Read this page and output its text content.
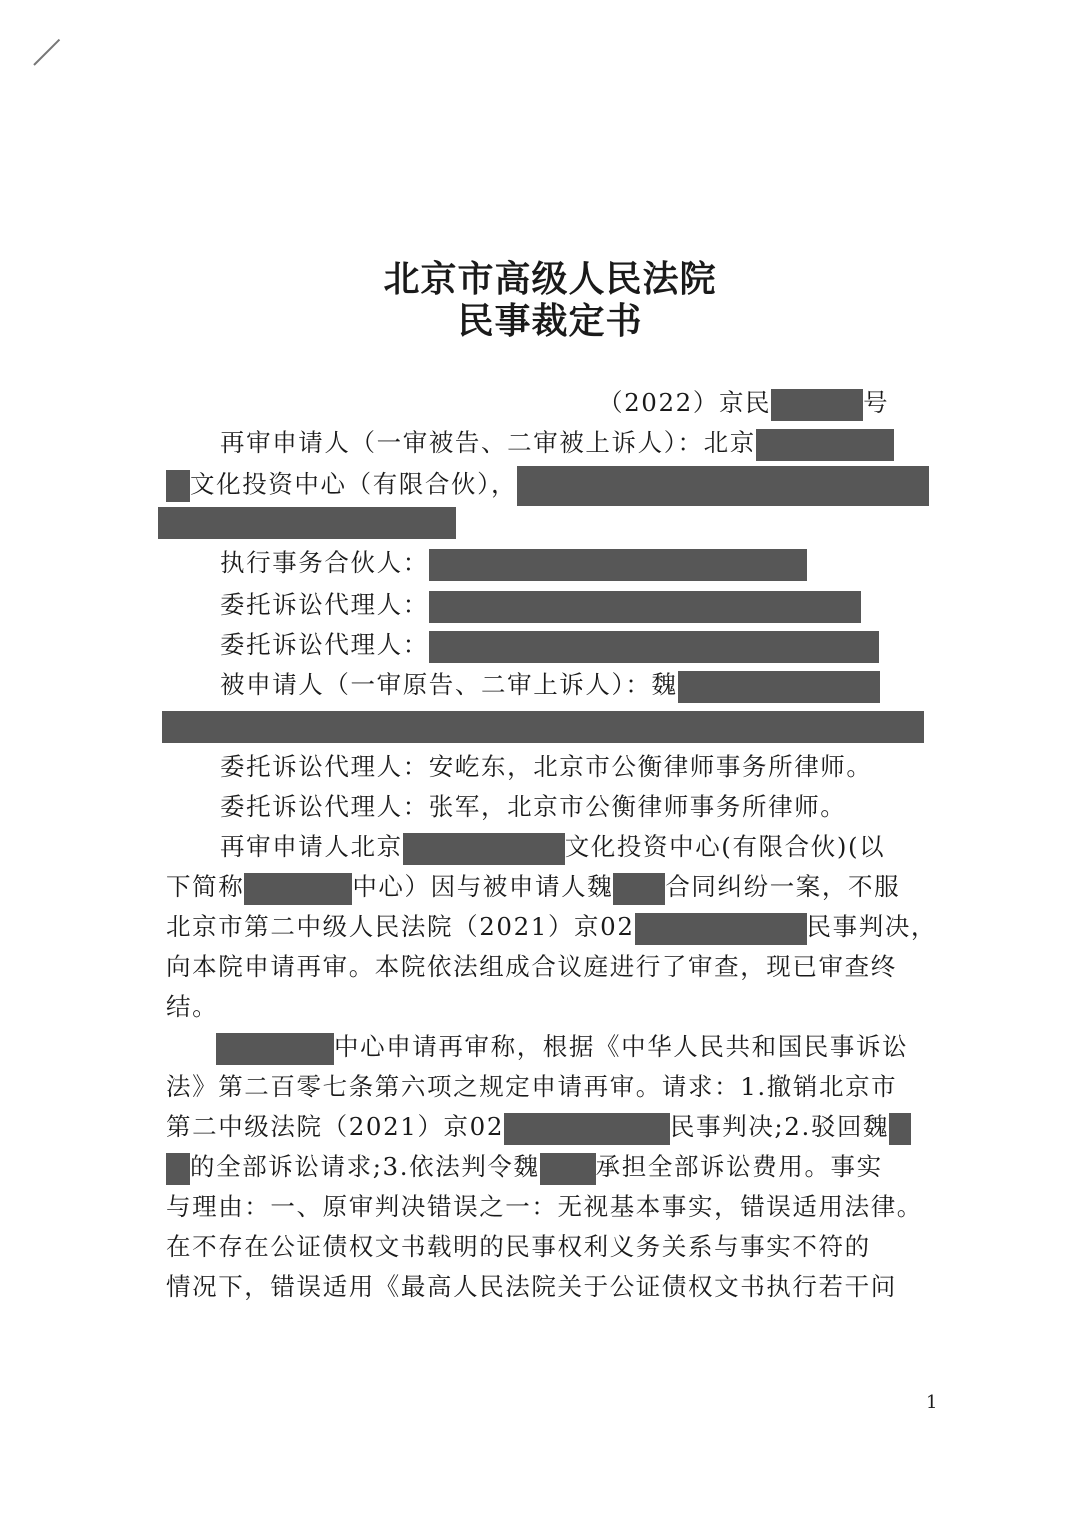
北京市高级人民法院
民事裁定书
（2022）京民	号
再审申请人（一审被告、二审被上诉人）：北京
文化投资中心（有限合伙），
执行事务合伙人：
委托诉讼代理人：
委托诉讼代理人：
被申请人（一审原告、二审上诉人）：魏
委托诉讼代理人：安屹东，北京市公衡律师事务所律师。
委托诉讼代理人：张军，北京市公衡律师事务所律师。
再审申请人北京	文化投资中心(有限合伙)(以
下简称	中心）因与被申请人魏 合同纠纷一案，不服
北京市第二中级人民法院（2021）京02	民事判决，
向本院申请再审。本院依法组成合议庭进行了审查，现已审查终
结。
中心申请再审称，根据《中华人民共和国民事诉讼
法》第二百零七条第六项之规定申请再审。请求：1.撤销北京市
第二中级法院（2021）京02	民事判决;2.驳回魏
的全部诉讼请求;3.依法判令魏 承担全部诉讼费用。事实
与理由：一、原审判决错误之一：无视基本事实，错误适用法律。
在不存在公证债权文书载明的民事权利义务关系与事实不符的
情况下，错误适用《最高人民法院关于公证债权文书执行若干问
1
